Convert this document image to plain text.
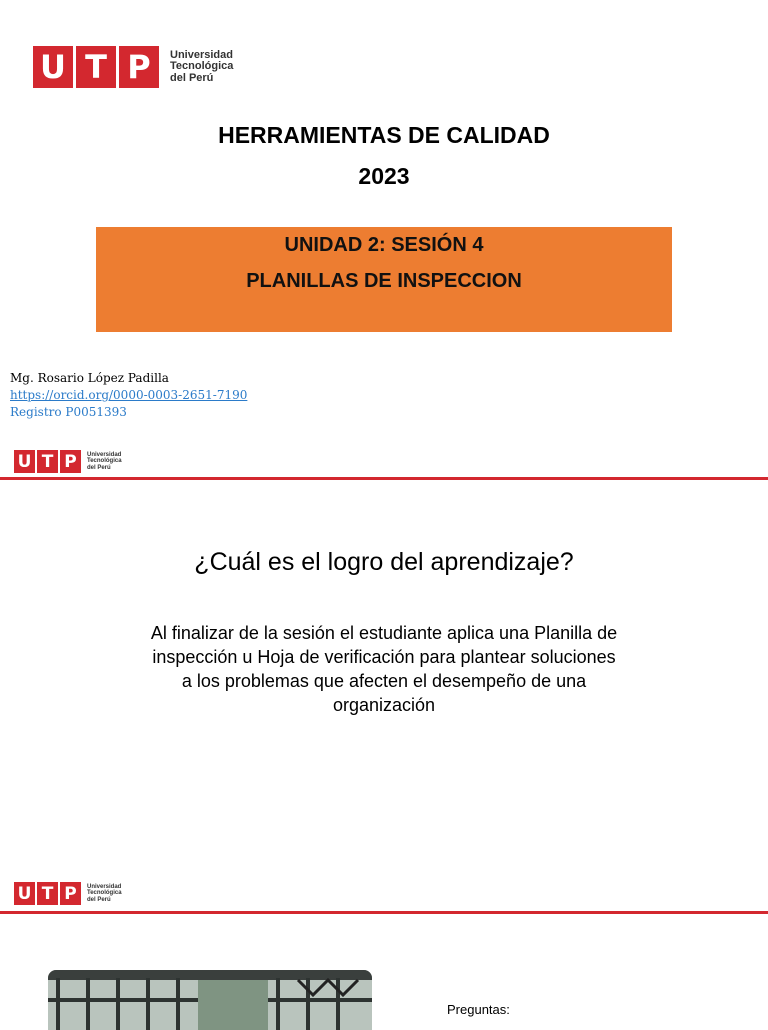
U T P	Universidad
Tecnológica
del Perú
HERRAMIENTAS DE CALIDAD
2023
UNIDAD 2: SESIÓN 4
PLANILLAS DE INSPECCION
Mg. Rosario López Padilla
https://orcid.org/0000-0003-2651-7190
Registro P0051393
U T P	Universidad
Tecnológica
del Perú
¿Cuál es el logro del aprendizaje?
Al finalizar de la sesión el estudiante aplica una Planilla de
inspección u Hoja de verificación para plantear soluciones
a los problemas que afecten el desempeño de una
organización
U T P	Universidad
Tecnológica
del Perú
Preguntas:
